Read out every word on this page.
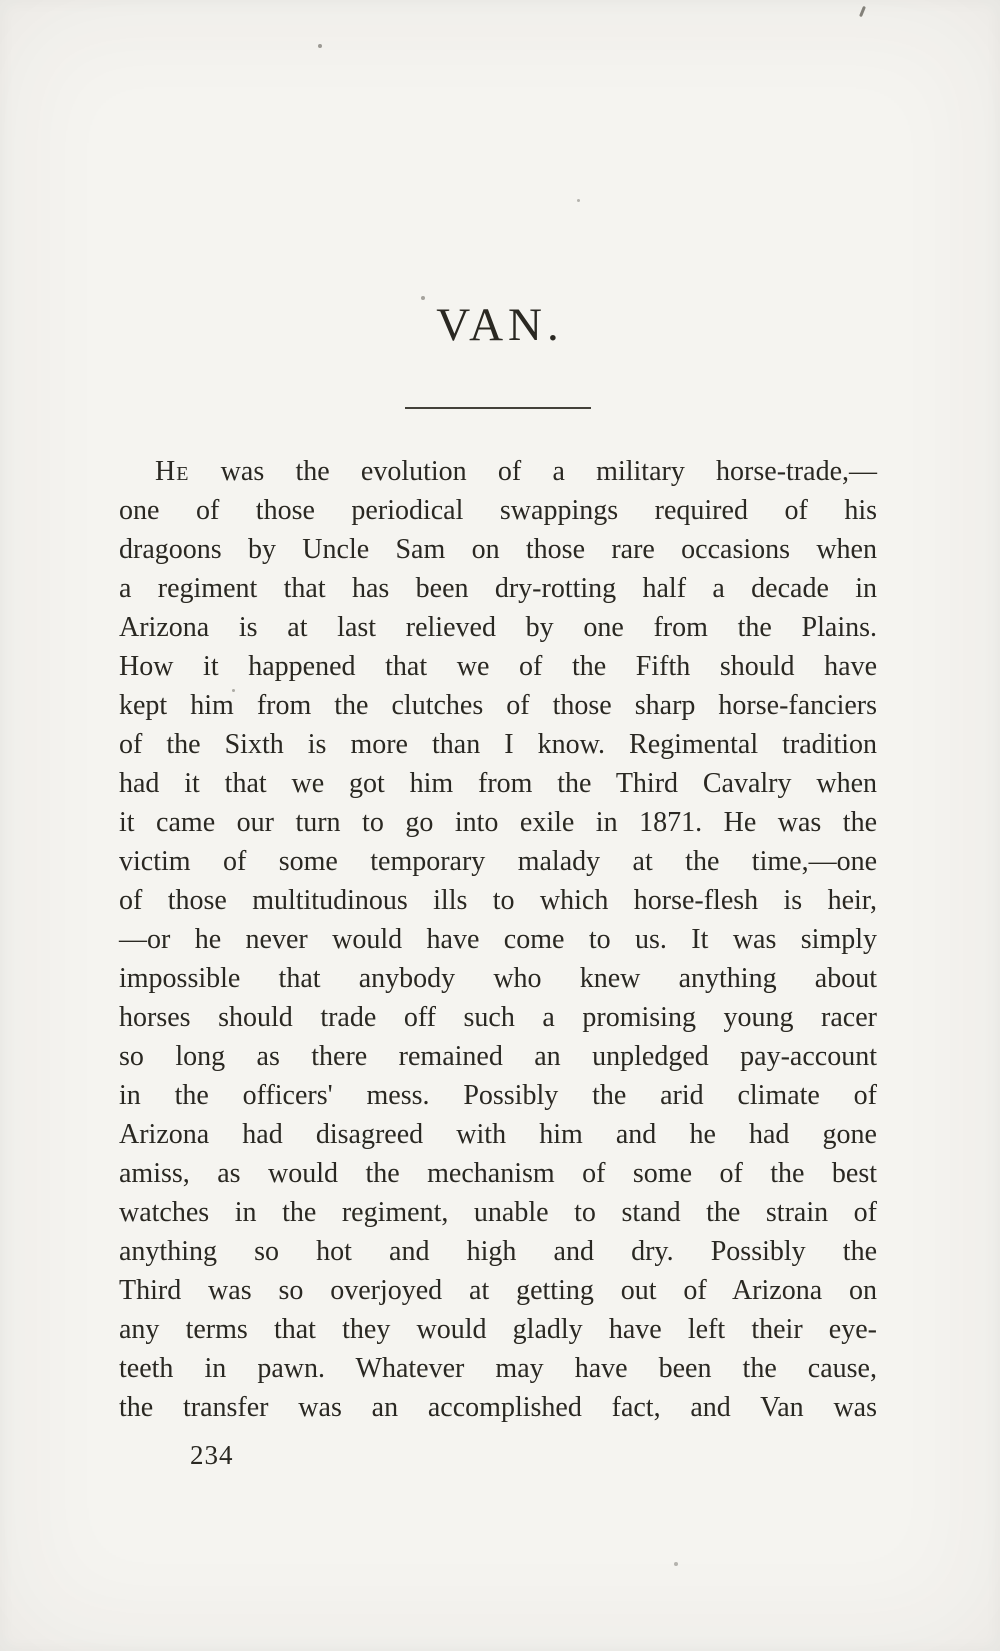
VAN.
He was the evolution of a military horse-trade,—
one of those periodical swappings required of his
dragoons by Uncle Sam on those rare occasions when
a regiment that has been dry-rotting half a decade in
Arizona is at last relieved by one from the Plains.
How it happened that we of the Fifth should have
kept him from the clutches of those sharp horse-fanciers
of the Sixth is more than I know. Regimental tradition
had it that we got him from the Third Cavalry when
it came our turn to go into exile in 1871. He was the
victim of some temporary malady at the time,—one
of those multitudinous ills to which horse-flesh is heir,
—or he never would have come to us. It was simply
impossible that anybody who knew anything about
horses should trade off such a promising young racer
so long as there remained an unpledged pay-account
in the officers' mess. Possibly the arid climate of
Arizona had disagreed with him and he had gone
amiss, as would the mechanism of some of the best
watches in the regiment, unable to stand the strain of
anything so hot and high and dry. Possibly the
Third was so overjoyed at getting out of Arizona on
any terms that they would gladly have left their eye-
teeth in pawn. Whatever may have been the cause,
the transfer was an accomplished fact, and Van was
234
